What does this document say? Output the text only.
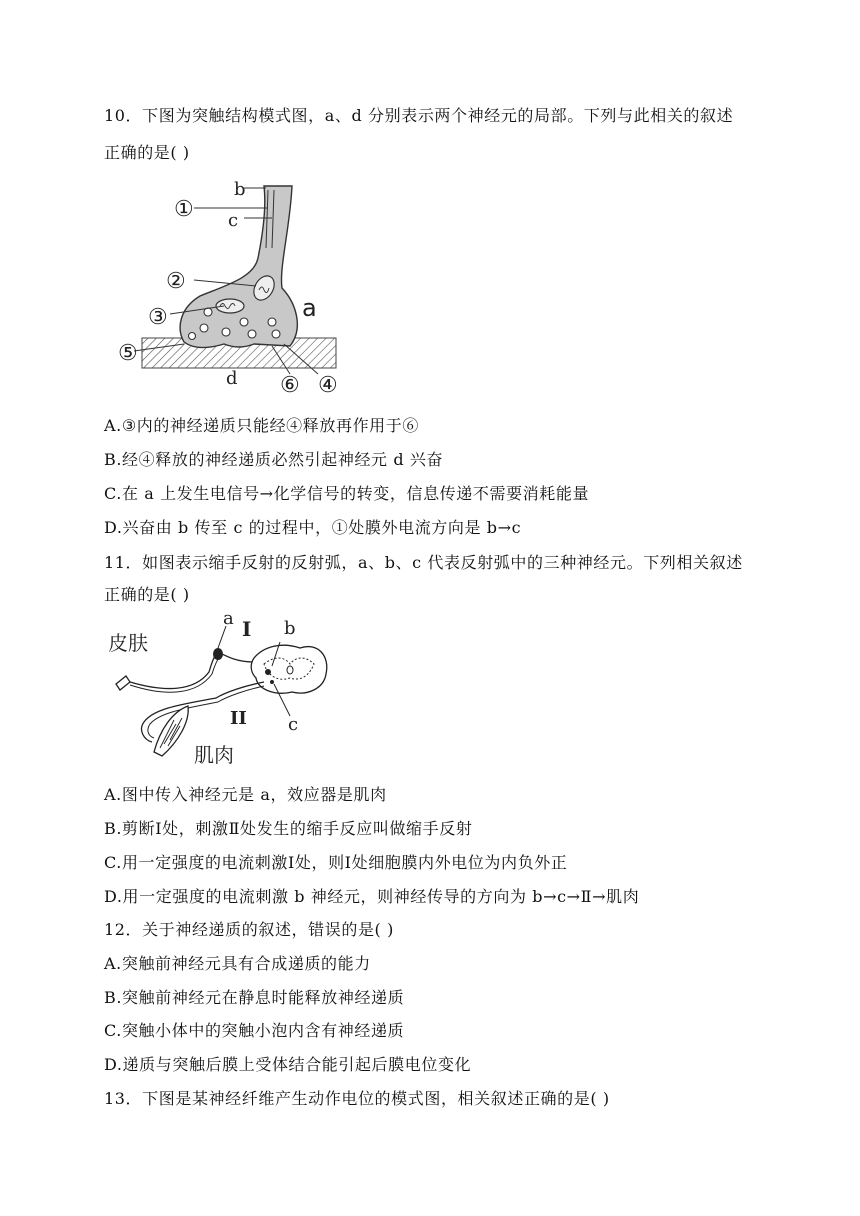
10．下图为突触结构模式图，a、d 分别表示两个神经元的局部。下列与此相关的叙述
正确的是( )
b
c
a
d
①
②
③
⑤
⑥ ④
A.③内的神经递质只能经④释放再作用于⑥
B.经④释放的神经递质必然引起神经元 d 兴奋
C.在 a 上发生电信号→化学信号的转变，信息传递不需要消耗能量
D.兴奋由 b 传至 c 的过程中，①处膜外电流方向是 b→c
11．如图表示缩手反射的反射弧，a、b、c 代表反射弧中的三种神经元。下列相关叙述
正确的是( )
皮肤
a I b
II c
肌肉
A.图中传入神经元是 a，效应器是肌肉
B.剪断Ⅰ处，刺激Ⅱ处发生的缩手反应叫做缩手反射
C.用一定强度的电流刺激Ⅰ处，则Ⅰ处细胞膜内外电位为内负外正
D.用一定强度的电流刺激 b 神经元，则神经传导的方向为 b→c→Ⅱ→肌肉
12．关于神经递质的叙述，错误的是( )
A.突触前神经元具有合成递质的能力
B.突触前神经元在静息时能释放神经递质
C.突触小体中的突触小泡内含有神经递质
D.递质与突触后膜上受体结合能引起后膜电位变化
13．下图是某神经纤维产生动作电位的模式图，相关叙述正确的是( )
